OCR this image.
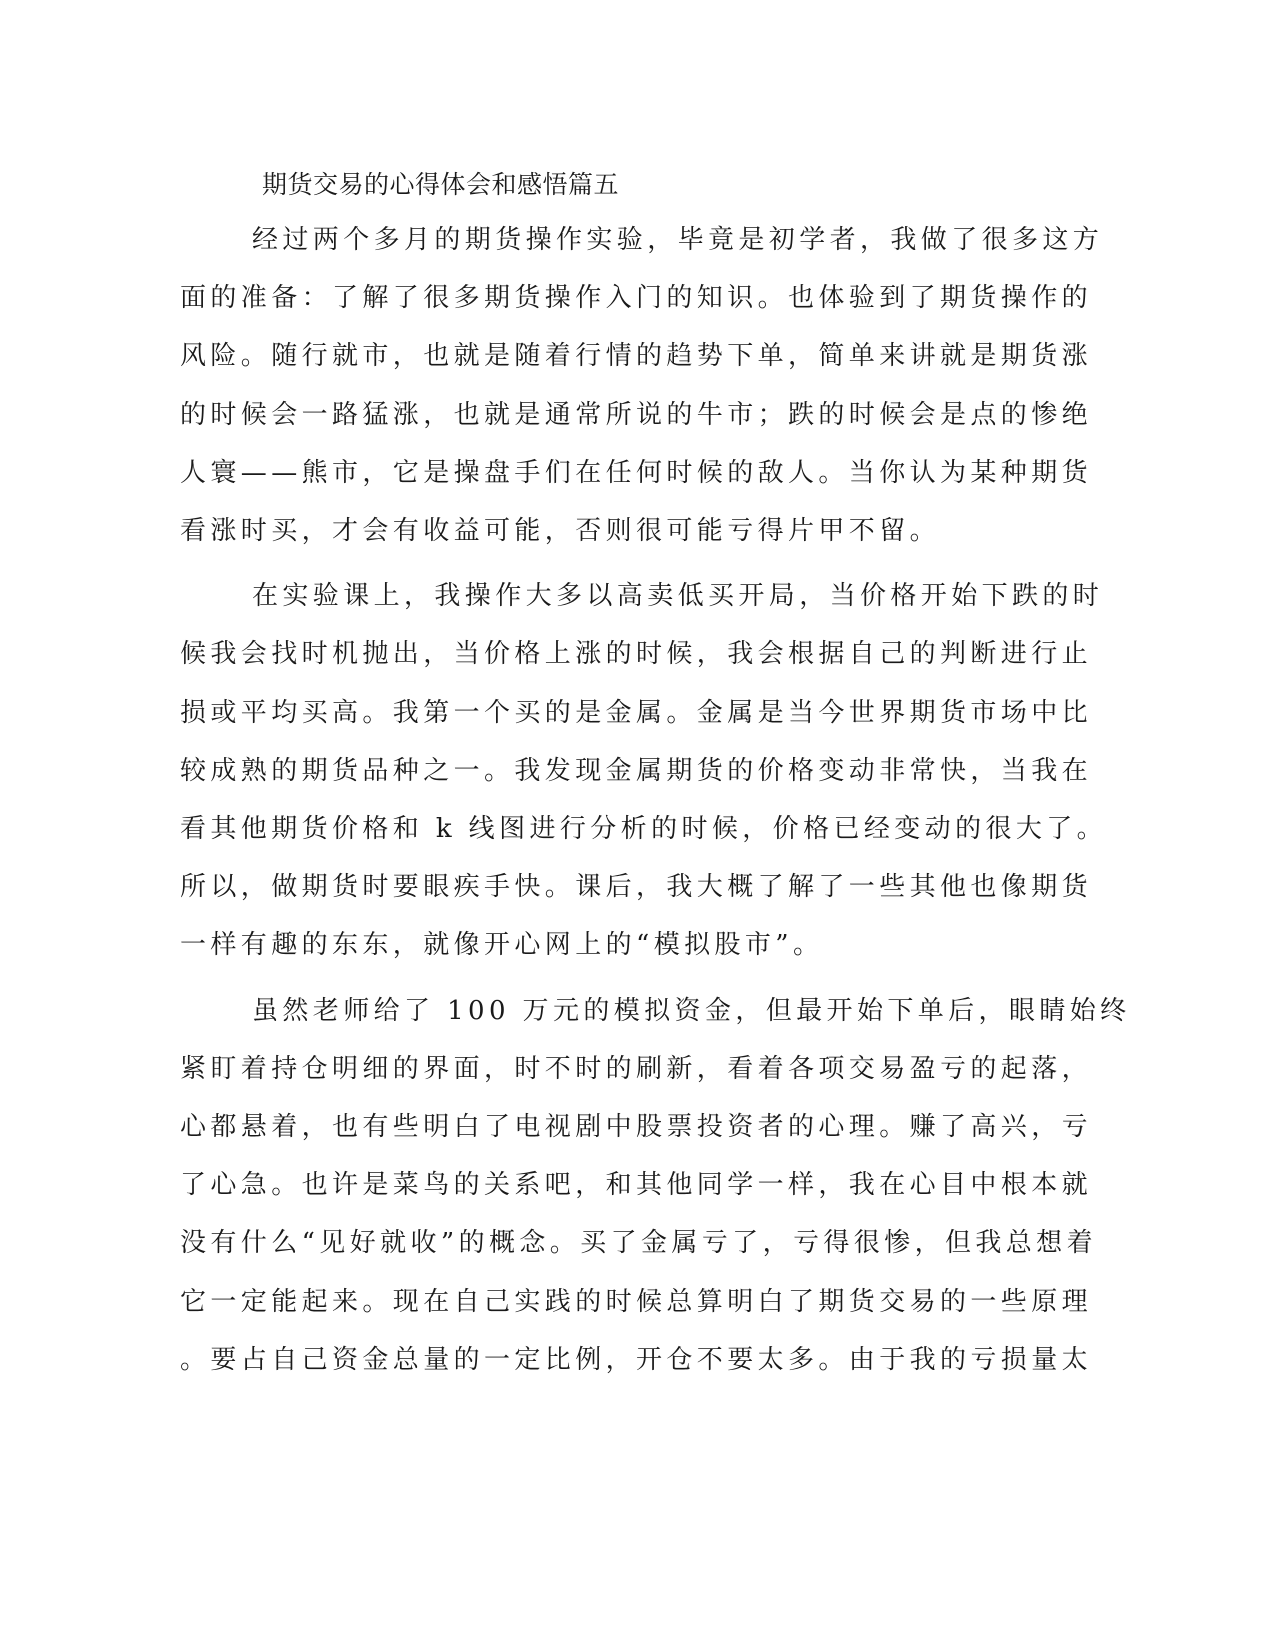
期货交易的心得体会和感悟篇五
经过两个多月的期货操作实验，毕竟是初学者，我做了很多这方
面的准备：了解了很多期货操作入门的知识。也体验到了期货操作的
风险。随行就市，也就是随着行情的趋势下单，简单来讲就是期货涨
的时候会一路猛涨，也就是通常所说的牛市；跌的时候会是点的惨绝
人寰——熊市，它是操盘手们在任何时候的敌人。当你认为某种期货
看涨时买，才会有收益可能，否则很可能亏得片甲不留。
在实验课上，我操作大多以高卖低买开局，当价格开始下跌的时
候我会找时机抛出，当价格上涨的时候，我会根据自己的判断进行止
损或平均买高。我第一个买的是金属。金属是当今世界期货市场中比
较成熟的期货品种之一。我发现金属期货的价格变动非常快，当我在
看其他期货价格和 k 线图进行分析的时候，价格已经变动的很大了。
所以，做期货时要眼疾手快。课后，我大概了解了一些其他也像期货
一样有趣的东东，就像开心网上的“模拟股市”。
虽然老师给了 100 万元的模拟资金，但最开始下单后，眼睛始终
紧盯着持仓明细的界面，时不时的刷新，看着各项交易盈亏的起落，
心都悬着，也有些明白了电视剧中股票投资者的心理。赚了高兴，亏
了心急。也许是菜鸟的关系吧，和其他同学一样，我在心目中根本就
没有什么“见好就收”的概念。买了金属亏了，亏得很惨，但我总想着
它一定能起来。现在自己实践的时候总算明白了期货交易的一些原理
。要占自己资金总量的一定比例，开仓不要太多。由于我的亏损量太
